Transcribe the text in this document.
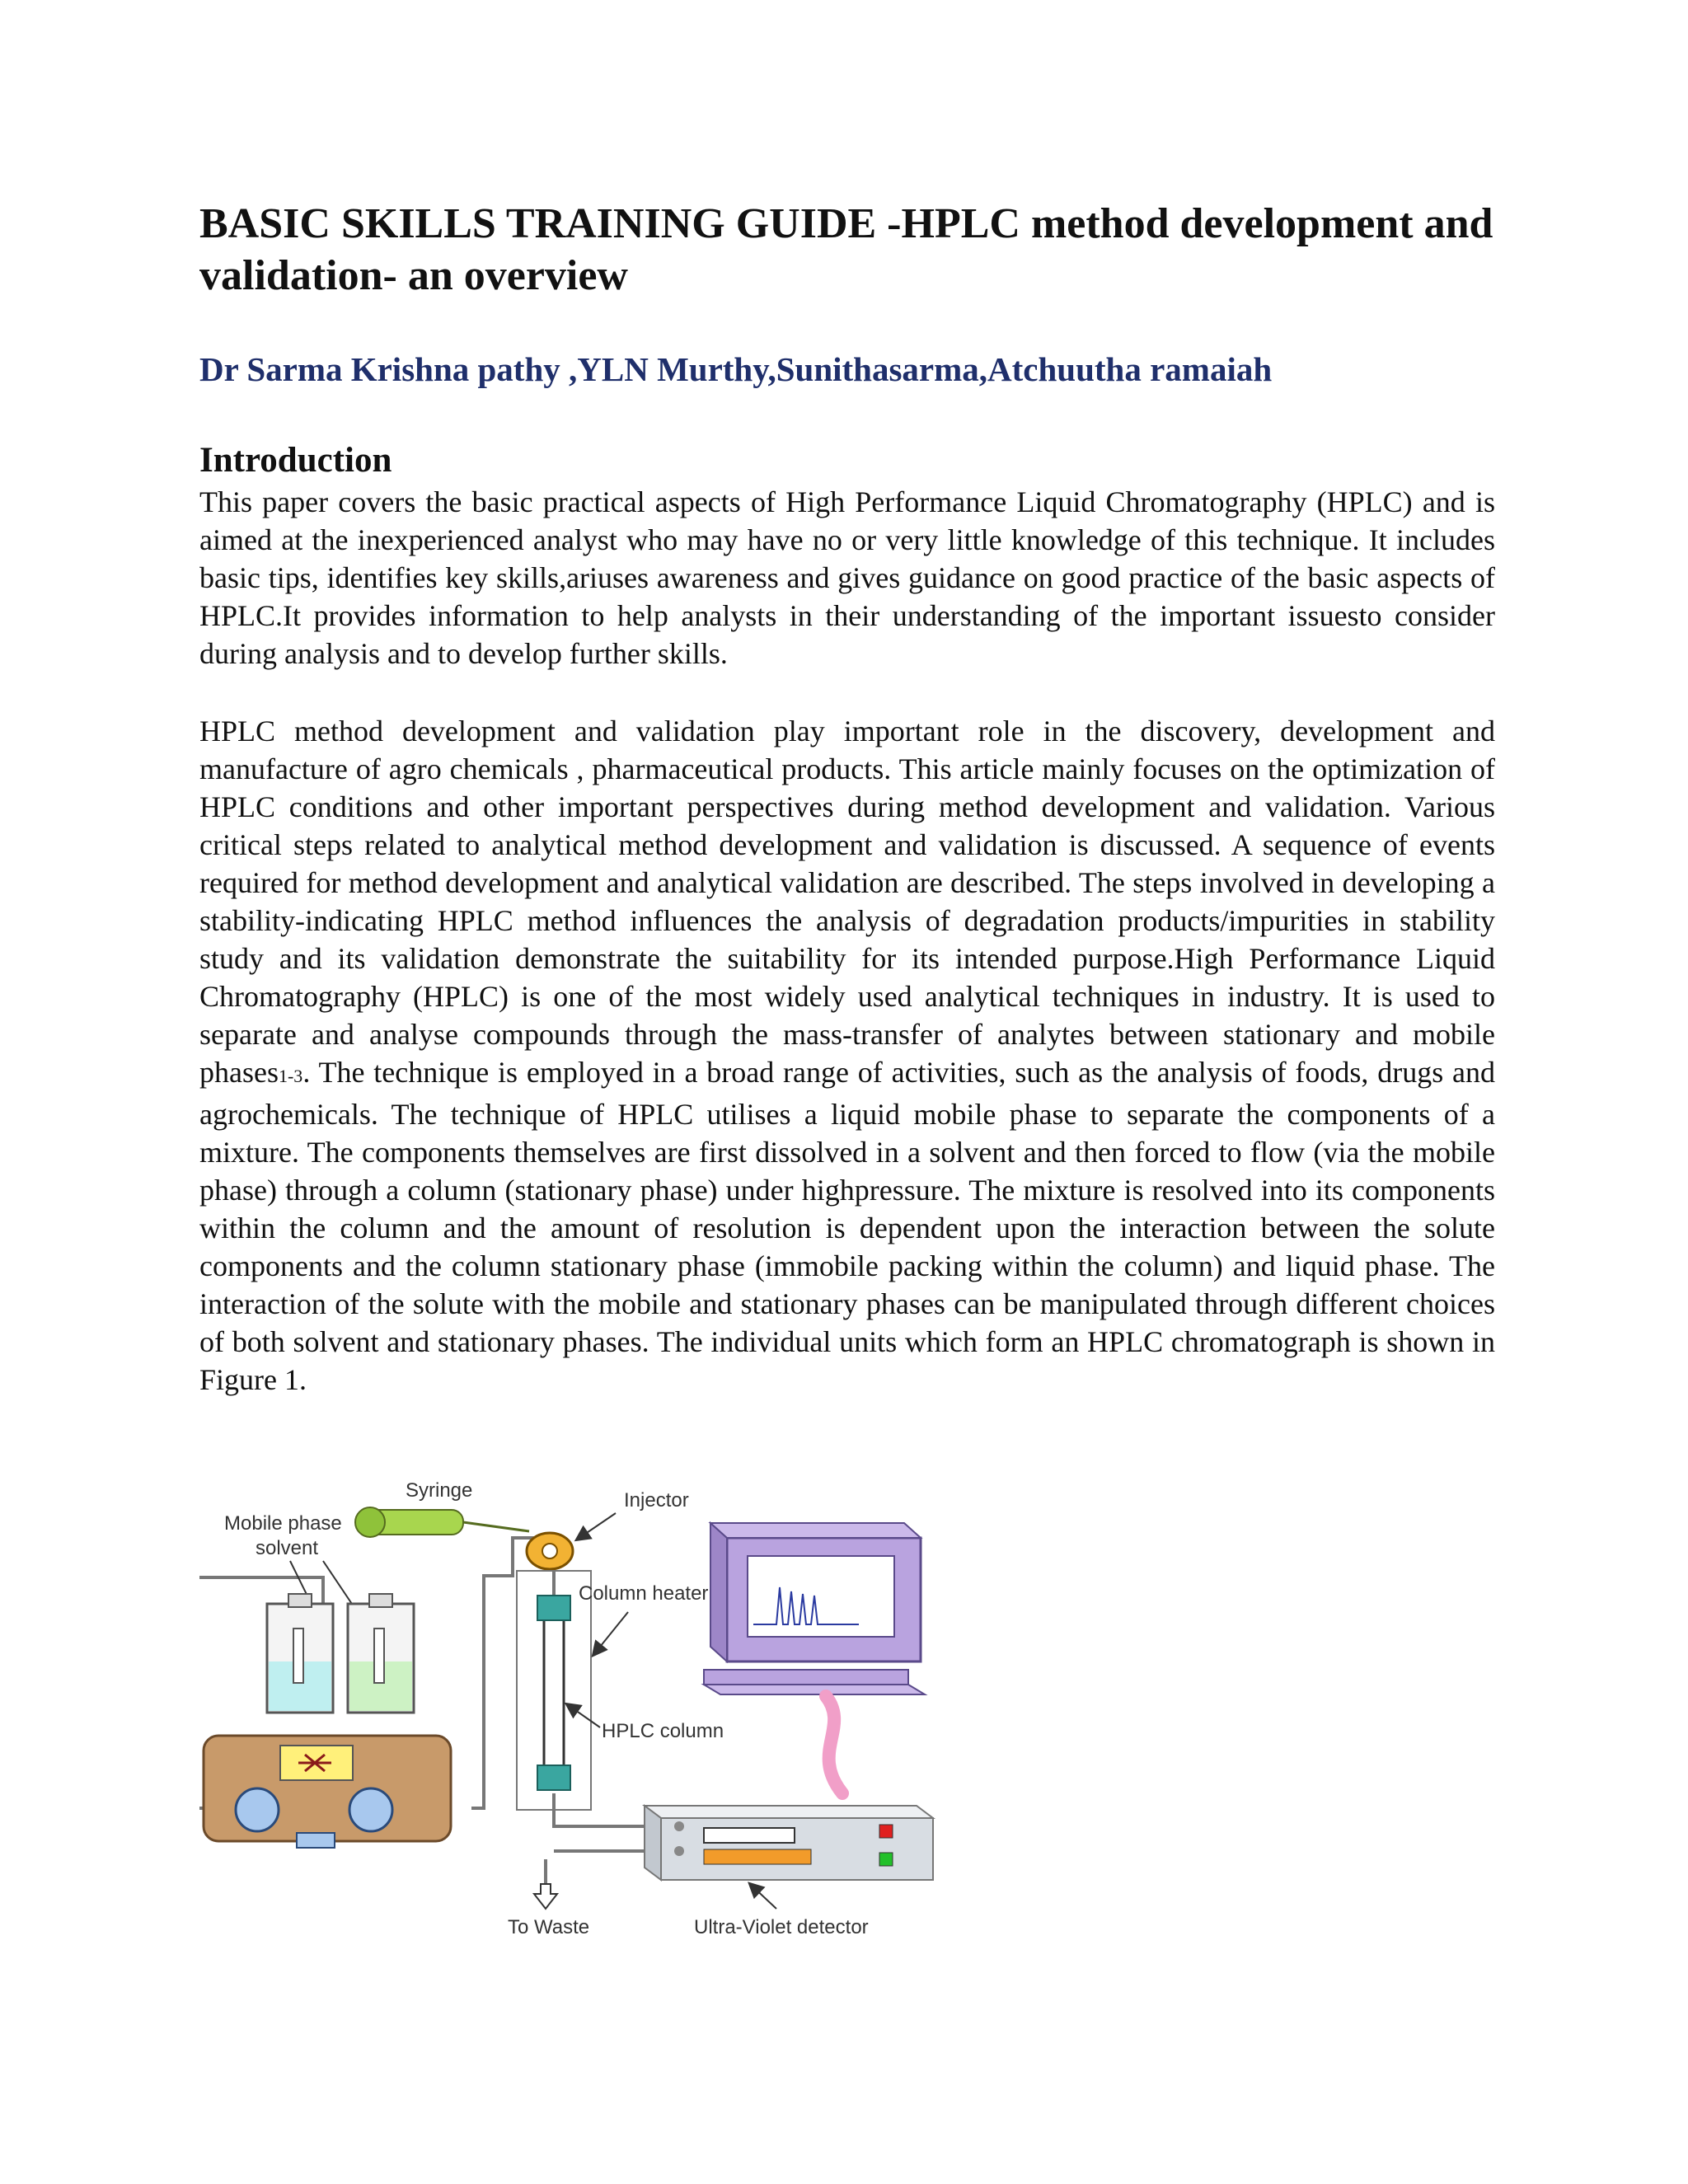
BASIC SKILLS TRAINING GUIDE -HPLC method development and validation- an overview
Dr Sarma Krishna pathy ,YLN Murthy,Sunithasarma,Atchuutha ramaiah
Introduction

This paper covers the basic practical aspects of High Performance Liquid Chromatography (HPLC) and is aimed at the inexperienced analyst who may have no or very little knowledge of this technique. It includes basic tips, identifies key skills,ariuses awareness and gives guidance on good practice of the basic aspects of HPLC.It provides information to help analysts in their understanding of the important issuesto consider during analysis and to develop further skills.

HPLC method development and validation play important role in the discovery, development and manufacture of agro chemicals , pharmaceutical products. This article mainly focuses on the optimization of HPLC conditions and other important perspectives during method development and validation. Various critical steps related to analytical method development and validation is discussed. A sequence of events required for method development and analytical validation are described. The steps involved in developing a stability-indicating HPLC method influences the analysis of degradation products/impurities in stability study and its validation demonstrate the suitability for its intended purpose.High Performance Liquid Chromatography (HPLC) is one of the most widely used analytical techniques in industry. It is used to separate and analyse compounds through the mass-transfer of analytes between stationary and mobile phases1-3. The technique is employed in a broad range of activities, such as the analysis of foods, drugs and agrochemicals. The technique of HPLC utilises a liquid mobile phase to separate the components of a mixture. The components themselves are first dissolved in a solvent and then forced to flow (via the mobile phase) through a column (stationary phase) under highpressure. The mixture is resolved into its components within the column and the amount of resolution is dependent upon the interaction between the solute components and the column stationary phase (immobile packing within the column) and liquid phase. The interaction of the solute with the mobile and stationary phases can be manipulated through different choices of both solvent and stationary phases. The individual units which form an HPLC chromatograph is shown in Figure 1.

Syringe	Injector
Mobile phase
solvent
Column heater
HPLC column
To Waste	Ultra-Violet detector
